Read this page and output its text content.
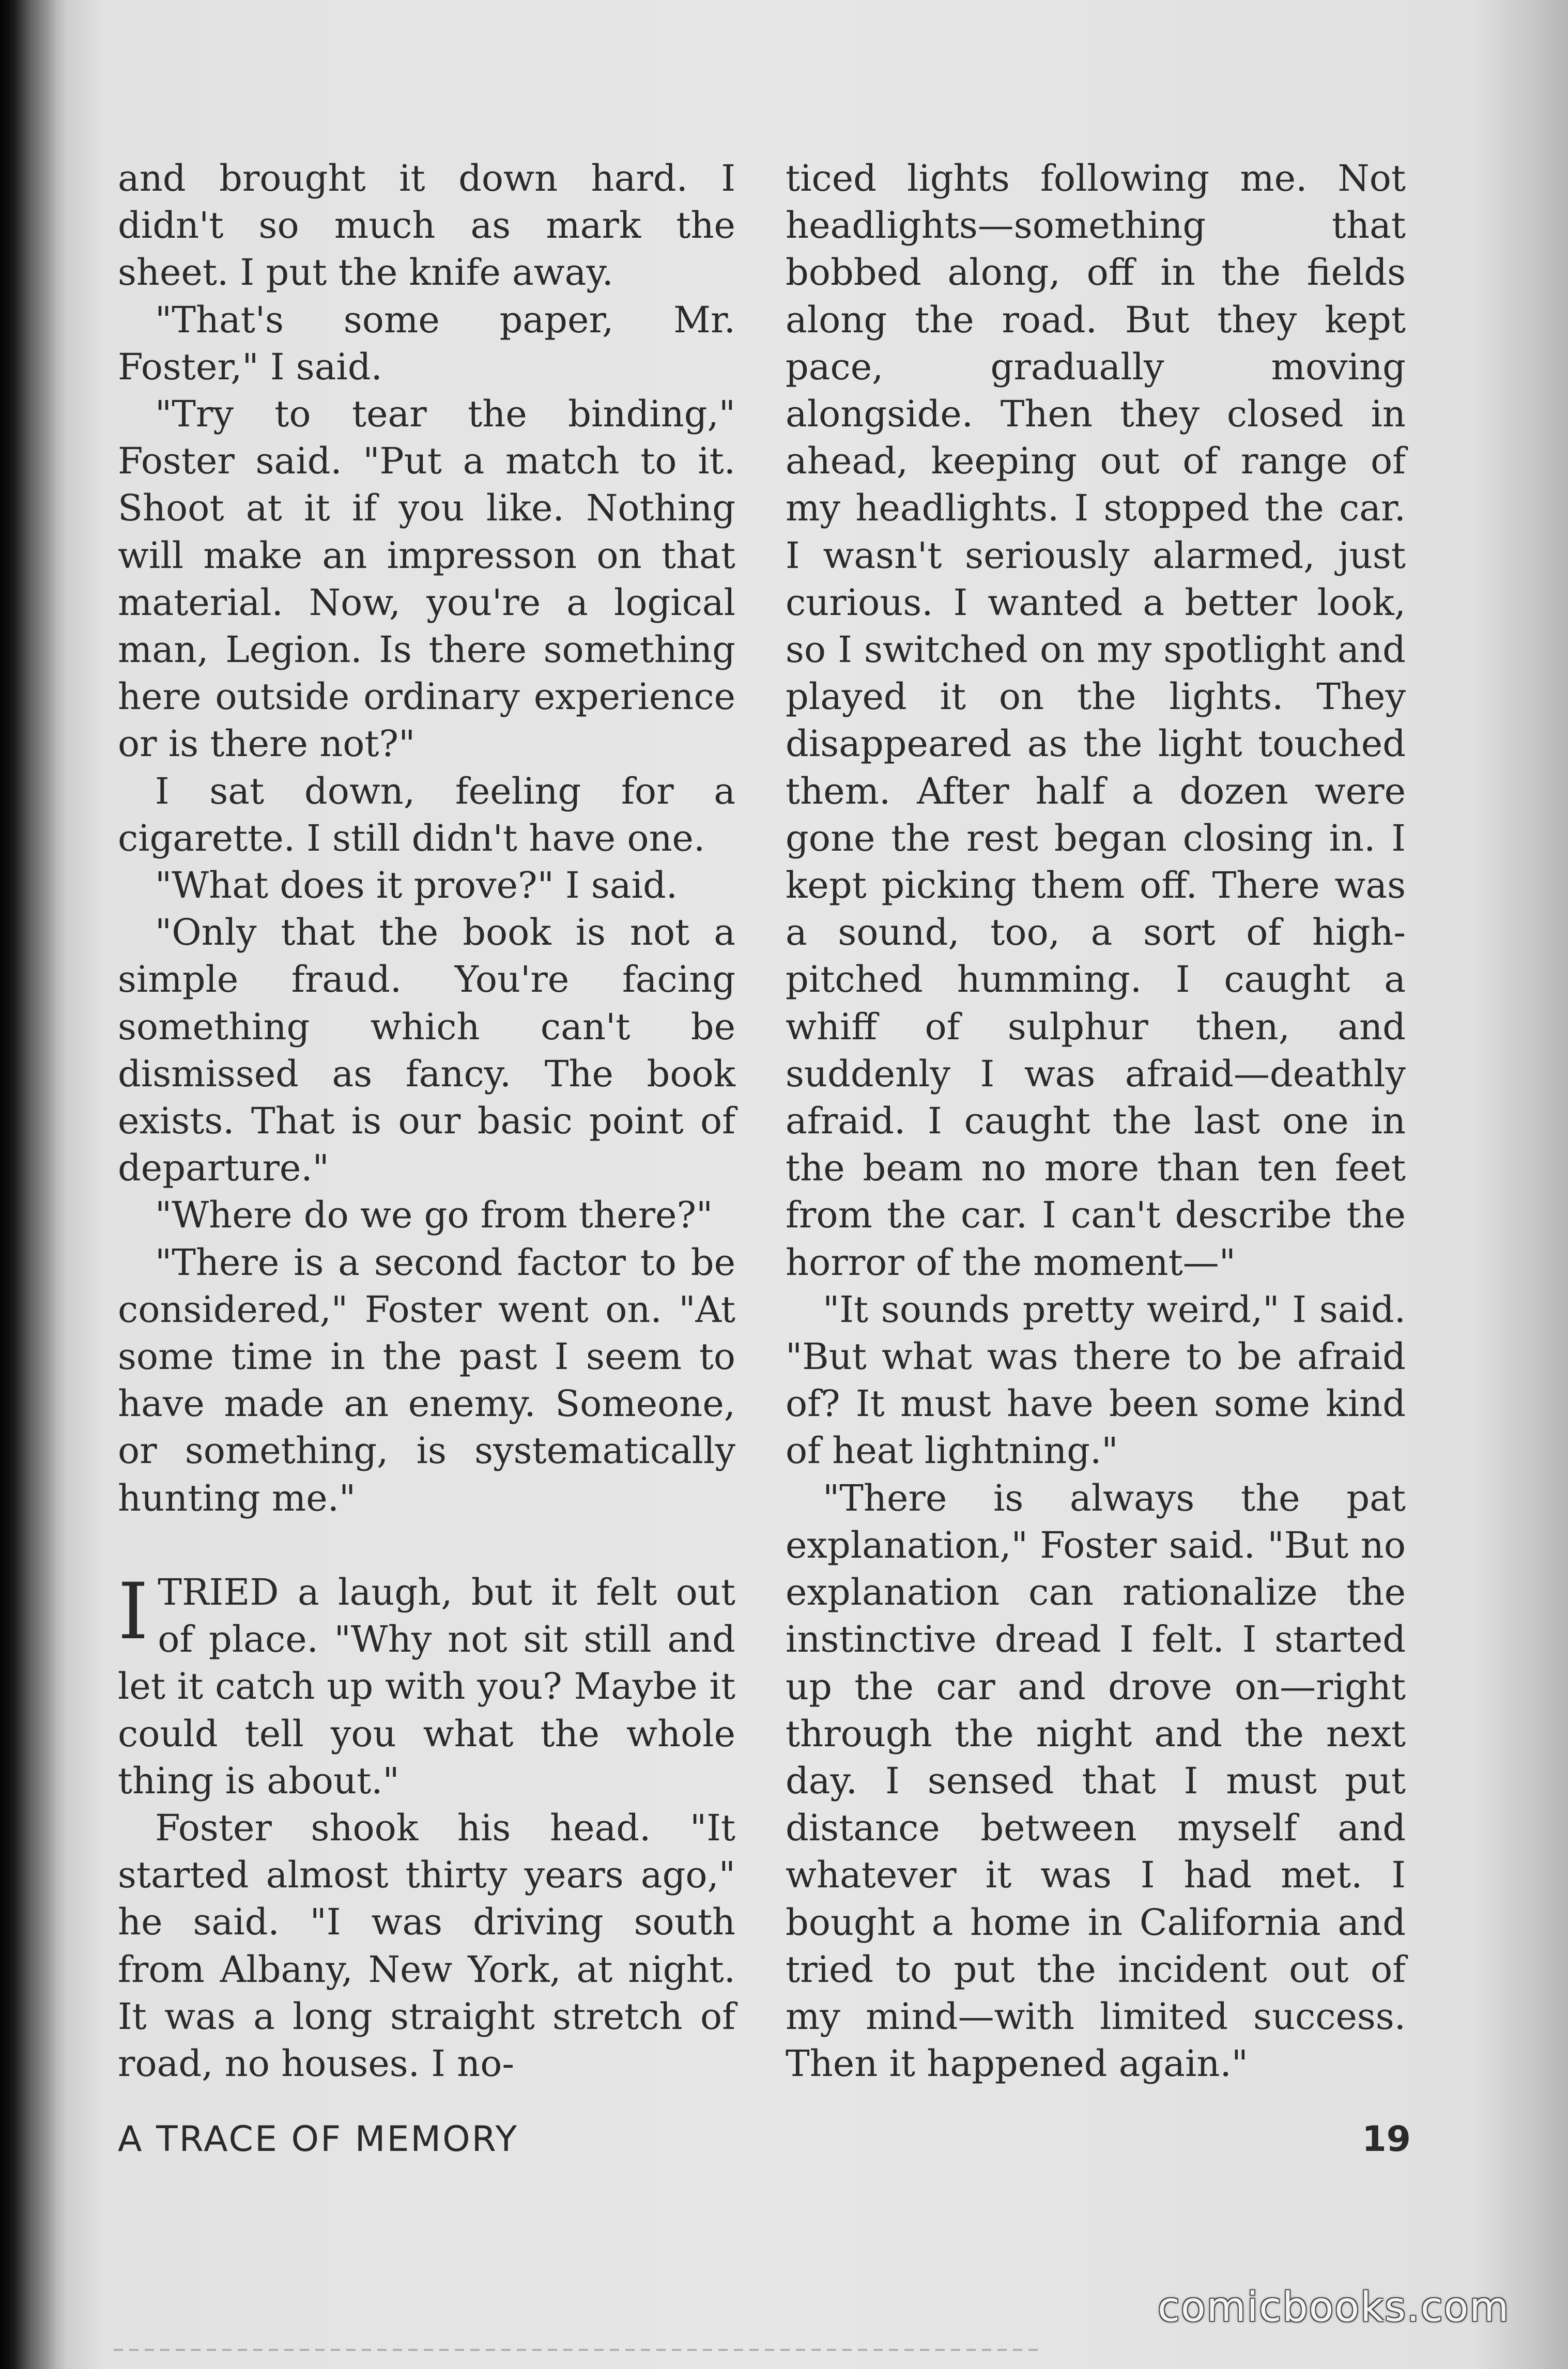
and brought it down hard. I didn't so much as mark the sheet. I put the knife away.

"That's some paper, Mr. Foster," I said.

"Try to tear the binding," Foster said. "Put a match to it. Shoot at it if you like. Nothing will make an impresson on that material. Now, you're a logical man, Legion. Is there something here outside ordinary experience or is there not?"

I sat down, feeling for a cigarette. I still didn't have one.

"What does it prove?" I said.

"Only that the book is not a simple fraud. You're facing something which can't be dismissed as fancy. The book exists. That is our basic point of departure."

"Where do we go from there?"

"There is a second factor to be considered," Foster went on. "At some time in the past I seem to have made an enemy. Someone, or something, is systematically hunting me."

I TRIED a laugh, but it felt out of place. "Why not sit still and let it catch up with you? Maybe it could tell you what the whole thing is about."

Foster shook his head. "It started almost thirty years ago," he said. "I was driving south from Albany, New York, at night. It was a long straight stretch of road, no houses. I no-

ticed lights following me. Not headlights—something that bobbed along, off in the fields along the road. But they kept pace, gradually moving alongside. Then they closed in ahead, keeping out of range of my headlights. I stopped the car. I wasn't seriously alarmed, just curious. I wanted a better look, so I switched on my spotlight and played it on the lights. They disappeared as the light touched them. After half a dozen were gone the rest began closing in. I kept picking them off. There was a sound, too, a sort of high-pitched humming. I caught a whiff of sulphur then, and suddenly I was afraid—deathly afraid. I caught the last one in the beam no more than ten feet from the car. I can't describe the horror of the moment—"

"It sounds pretty weird," I said. "But what was there to be afraid of? It must have been some kind of heat lightning."

"There is always the pat explanation," Foster said. "But no explanation can rationalize the instinctive dread I felt. I started up the car and drove on—right through the night and the next day. I sensed that I must put distance between myself and whatever it was I had met. I bought a home in California and tried to put the incident out of my mind—with limited success. Then it happened again."

A TRACE OF MEMORY	19
comicbooks.com
